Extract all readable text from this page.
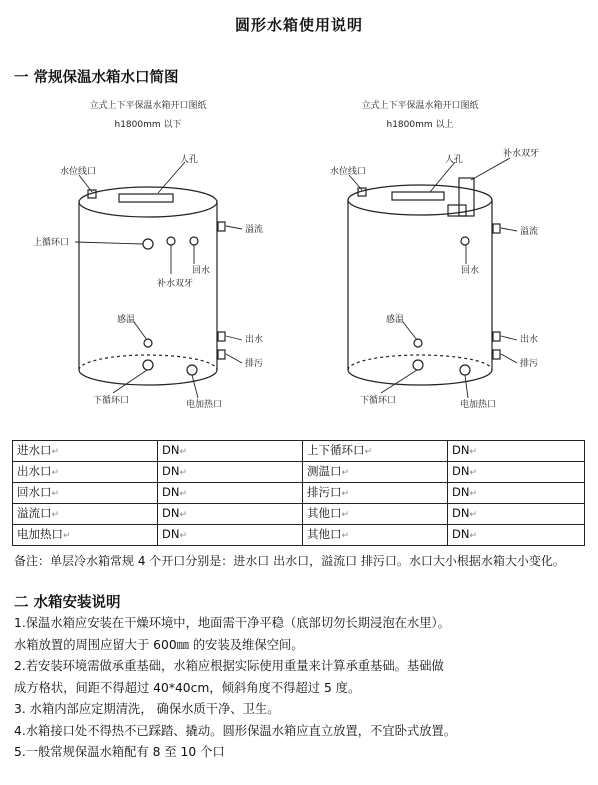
圆形水箱使用说明
一 常规保温水箱水口简图
立式上下平保温水箱开口图纸
h1800mm 以下
人孔
水位线口
上循环口
溢流
回水
补水双牙
感温
出水
排污
下循环口	电加热口
立式上下平保温水箱开口图纸
h1800mm 以上
人孔
水位线口
补水双牙
溢流
回水
感温
出水
排污
下循环口	电加热口
进水口↵	DN↵	上下循环口↵	DN↵
出水口↵	DN↵	测温口↵	DN↵
回水口↵	DN↵	排污口↵	DN↵
溢流口↵	DN↵	其他口↵	DN↵
电加热口↵	DN↵	其他口↵	DN↵
备注：单层冷水箱常规 4 个开口分别是：进水口 出水口，溢流口 排污口。水口大小根据水箱大小变化。
二 水箱安装说明
1.保温水箱应安装在干燥环境中，地面需干净平稳（底部切勿长期浸泡在水里）。
水箱放置的周围应留大于 600㎜ 的安装及维保空间。
2.若安装环境需做承重基础，水箱应根据实际使用重量来计算承重基础。基础做
成方格状，间距不得超过 40*40cm，倾斜角度不得超过 5 度。
3. 水箱内部应定期清洗， 确保水质干净、卫生。
4.水箱接口处不得热不已踩踏、撬动。圆形保温水箱应直立放置，不宜卧式放置。
5.一般常规保温水箱配有 8 至 10 个口
